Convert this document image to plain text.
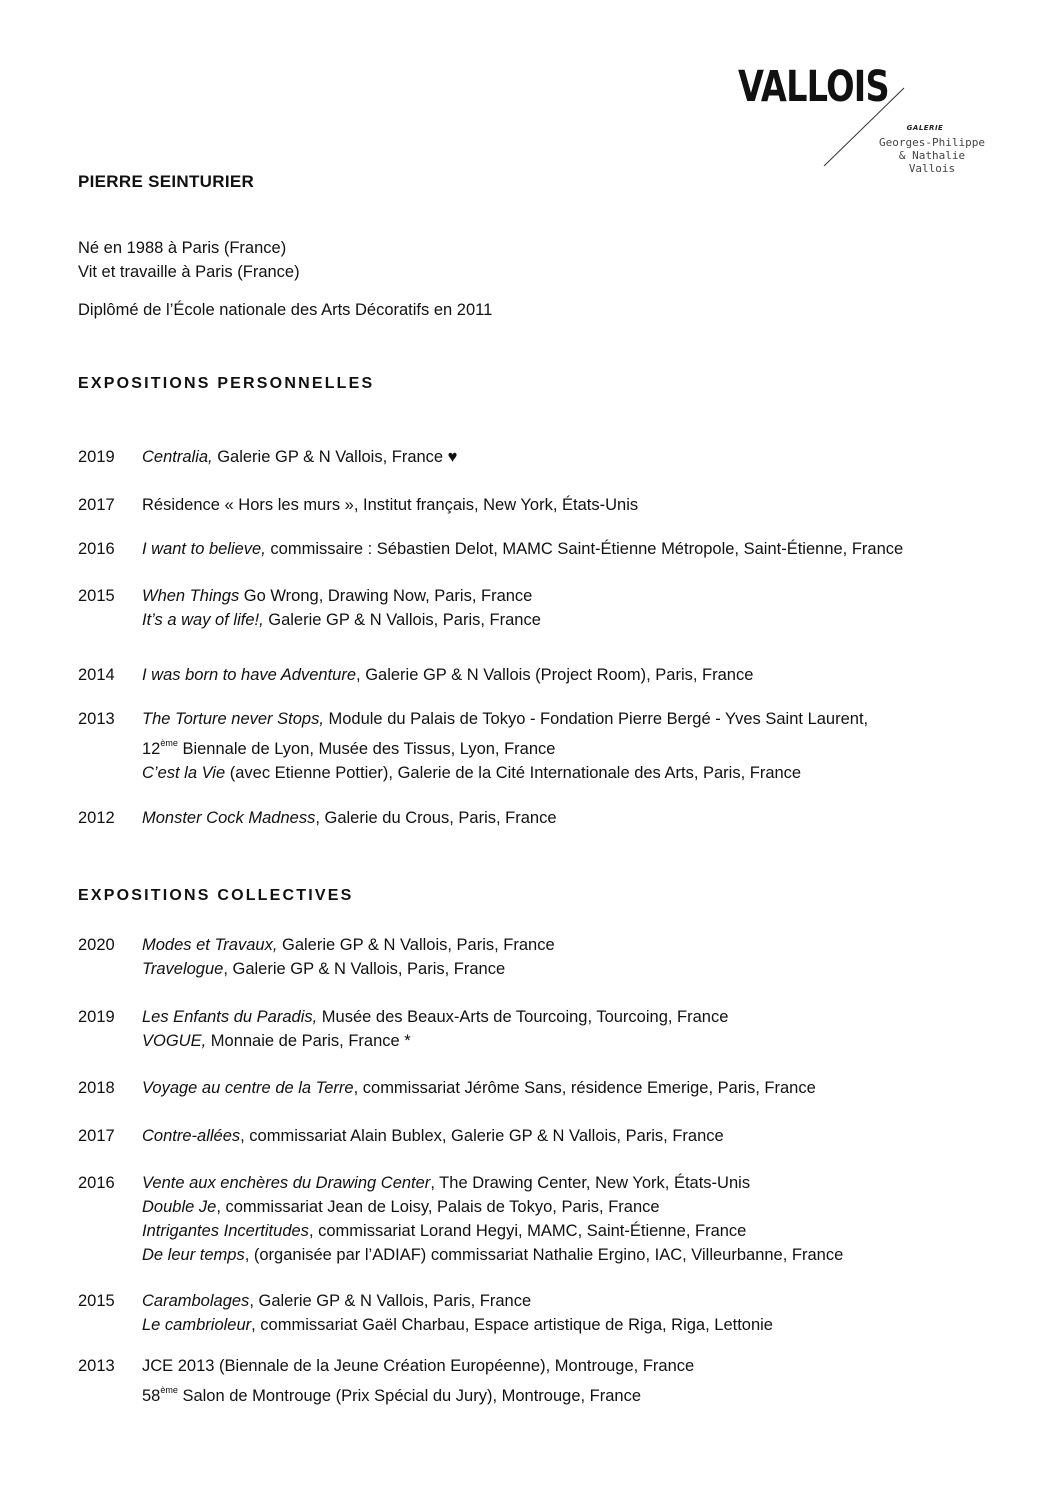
VALLOIS
GALERIE
Georges-Philippe
& Nathalie
Vallois
PIERRE SEINTURIER
Né en 1988 à Paris (France)
Vit et travaille à Paris (France)
Diplômé de l’École nationale des Arts Décoratifs en 2011
EXPOSITIONS PERSONNELLES
EXPOSITIONS COLLECTIVES
2019 Centralia, Galerie GP & N Vallois, France ♥
2017 Résidence « Hors les murs », Institut français, New York, États-Unis
2016 I want to believe, commissaire : Sébastien Delot, MAMC Saint-Étienne Métropole, Saint-Étienne, France
2015 When Things Go Wrong, Drawing Now, Paris, France
It’s a way of life!, Galerie GP & N Vallois, Paris, France
2014 I was born to have Adventure, Galerie GP & N Vallois (Project Room), Paris, France
2013 The Torture never Stops, Module du Palais de Tokyo - Fondation Pierre Bergé - Yves Saint Laurent,
12ème Biennale de Lyon, Musée des Tissus, Lyon, France
C’est la Vie (avec Etienne Pottier), Galerie de la Cité Internationale des Arts, Paris, France
2012 Monster Cock Madness, Galerie du Crous, Paris, France
2020 Modes et Travaux, Galerie GP & N Vallois, Paris, France
Travelogue, Galerie GP & N Vallois, Paris, France
2019 Les Enfants du Paradis, Musée des Beaux-Arts de Tourcoing, Tourcoing, France
VOGUE, Monnaie de Paris, France *
2018 Voyage au centre de la Terre, commissariat Jérôme Sans, résidence Emerige, Paris, France
2017 Contre-allées, commissariat Alain Bublex, Galerie GP & N Vallois, Paris, France
2016 Vente aux enchères du Drawing Center, The Drawing Center, New York, États-Unis
Double Je, commissariat Jean de Loisy, Palais de Tokyo, Paris, France
Intrigantes Incertitudes, commissariat Lorand Hegyi, MAMC, Saint-Étienne, France
De leur temps, (organisée par l’ADIAF) commissariat Nathalie Ergino, IAC, Villeurbanne, France
2015 Carambolages, Galerie GP & N Vallois, Paris, France
Le cambrioleur, commissariat Gaël Charbau, Espace artistique de Riga, Riga, Lettonie
2013 JCE 2013 (Biennale de la Jeune Création Européenne), Montrouge, France
58ème Salon de Montrouge (Prix Spécial du Jury), Montrouge, France
